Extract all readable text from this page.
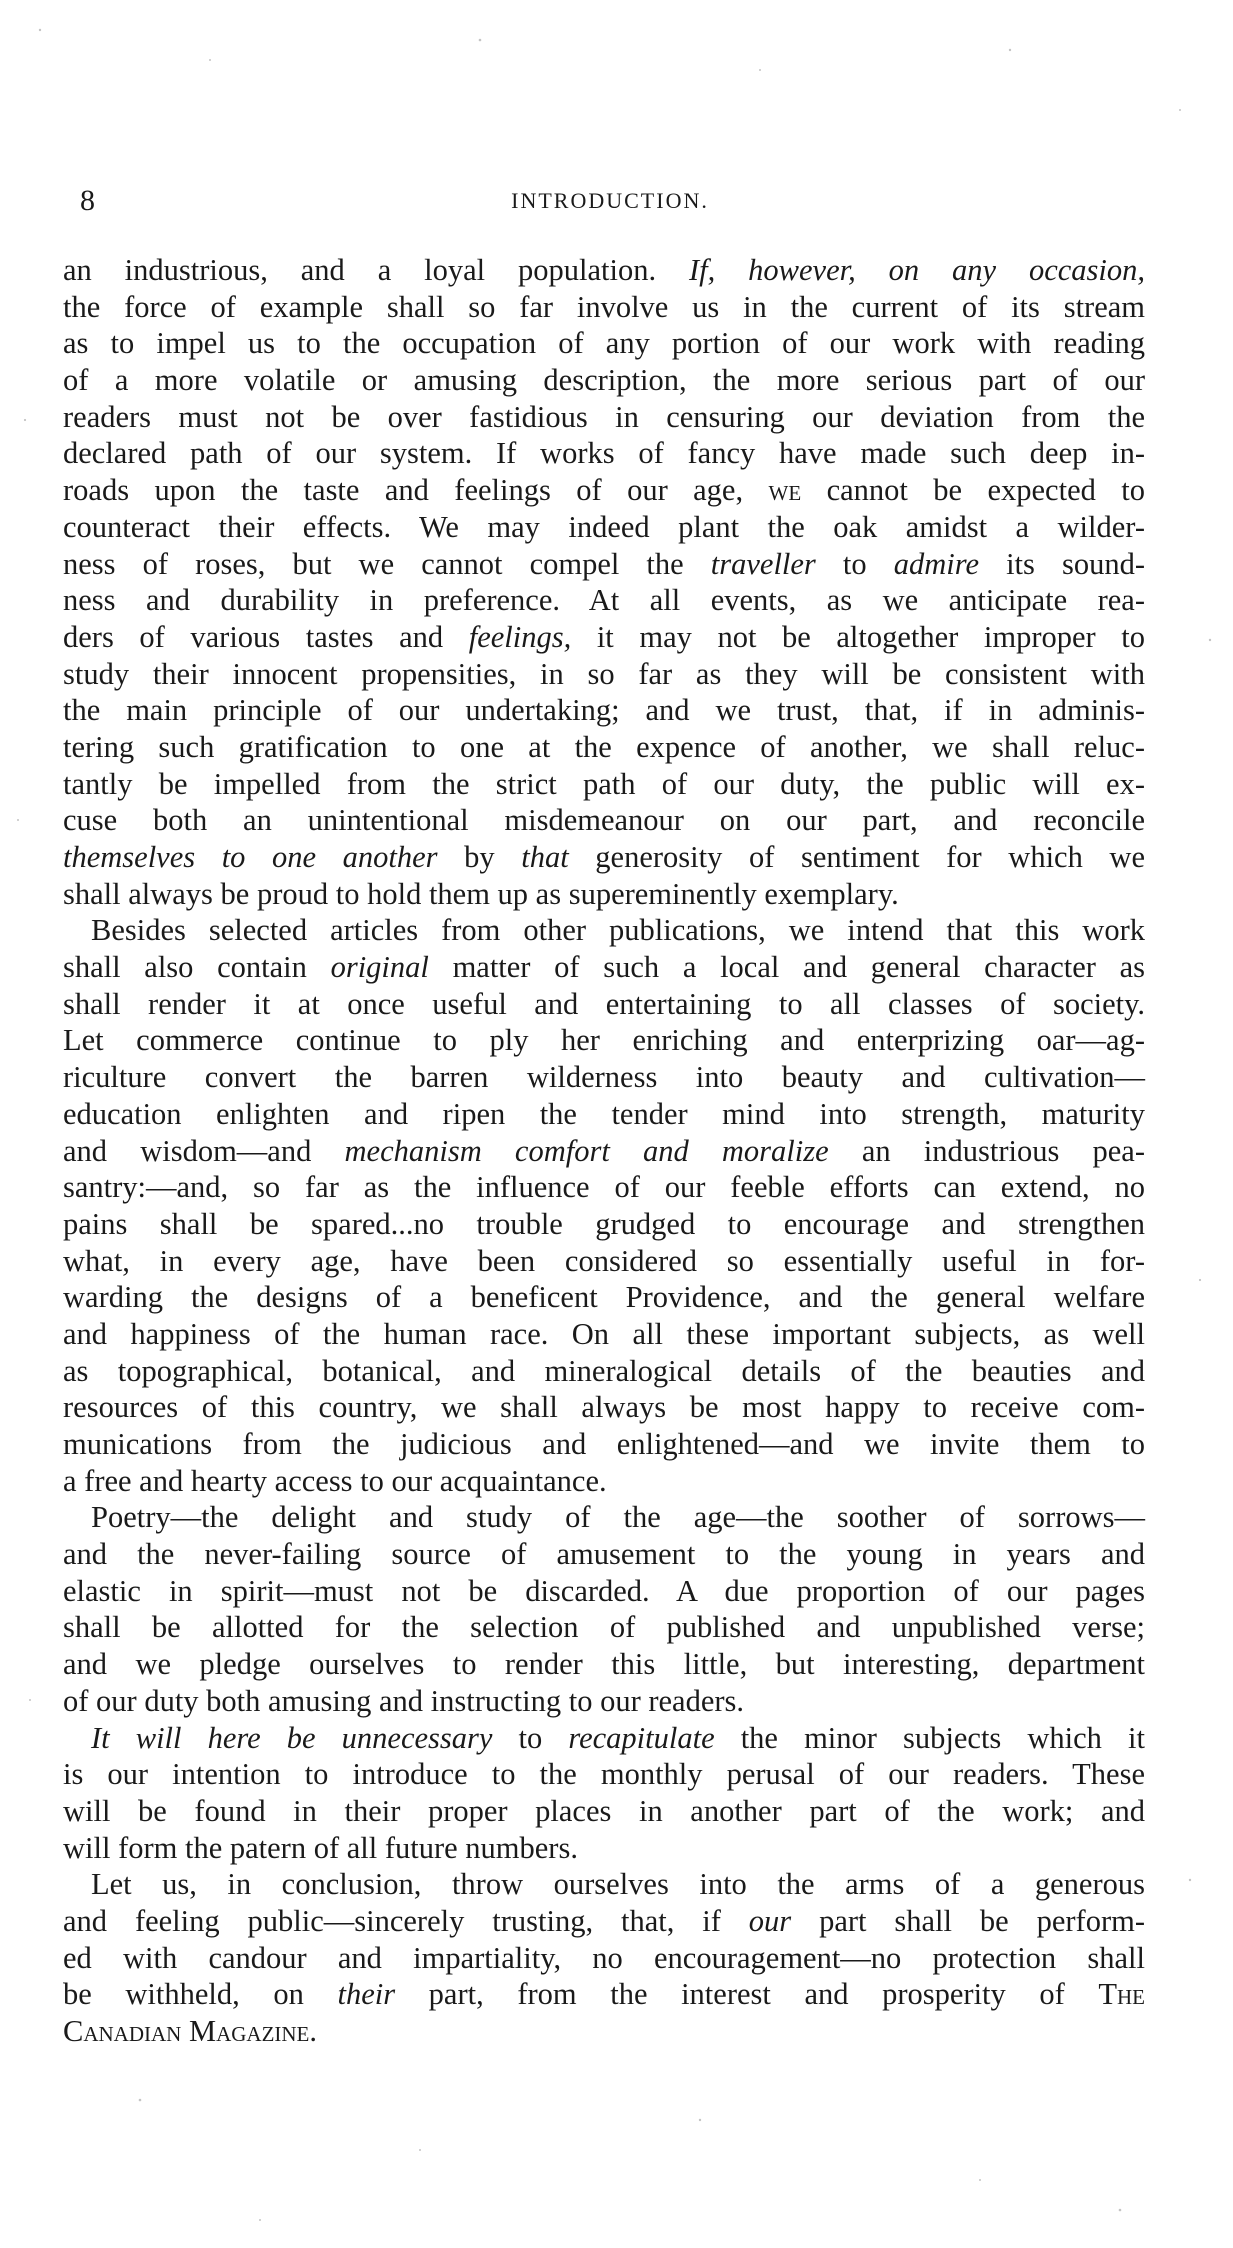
8	INTRODUCTION.
an industrious, and a loyal population. If, however, on any occasion,
the force of example shall so far involve us in the current of its stream
as to impel us to the occupation of any portion of our work with reading
of a more volatile or amusing description, the more serious part of our
readers must not be over fastidious in censuring our deviation from the
declared path of our system. If works of fancy have made such deep in-
roads upon the taste and feelings of our age, we cannot be expected to
counteract their effects. We may indeed plant the oak amidst a wilder-
ness of roses, but we cannot compel the traveller to admire its sound-
ness and durability in preference. At all events, as we anticipate rea-
ders of various tastes and feelings, it may not be altogether improper to
study their innocent propensities, in so far as they will be consistent with
the main principle of our undertaking; and we trust, that, if in adminis-
tering such gratification to one at the expence of another, we shall reluc-
tantly be impelled from the strict path of our duty, the public will ex-
cuse both an unintentional misdemeanour on our part, and reconcile
themselves to one another by that generosity of sentiment for which we
shall always be proud to hold them up as supereminently exemplary.
Besides selected articles from other publications, we intend that this work
shall also contain original matter of such a local and general character as
shall render it at once useful and entertaining to all classes of society.
Let commerce continue to ply her enriching and enterprizing oar—ag-
riculture convert the barren wilderness into beauty and cultivation—
education enlighten and ripen the tender mind into strength, maturity
and wisdom—and mechanism comfort and moralize an industrious pea-
santry:—and, so far as the influence of our feeble efforts can extend, no
pains shall be spared...no trouble grudged to encourage and strengthen
what, in every age, have been considered so essentially useful in for-
warding the designs of a beneficent Providence, and the general welfare
and happiness of the human race. On all these important subjects, as well
as topographical, botanical, and mineralogical details of the beauties and
resources of this country, we shall always be most happy to receive com-
munications from the judicious and enlightened—and we invite them to
a free and hearty access to our acquaintance.
Poetry—the delight and study of the age—the soother of sorrows—
and the never-failing source of amusement to the young in years and
elastic in spirit—must not be discarded. A due proportion of our pages
shall be allotted for the selection of published and unpublished verse;
and we pledge ourselves to render this little, but interesting, department
of our duty both amusing and instructing to our readers.
It will here be unnecessary to recapitulate the minor subjects which it
is our intention to introduce to the monthly perusal of our readers. These
will be found in their proper places in another part of the work; and
will form the patern of all future numbers.
Let us, in conclusion, throw ourselves into the arms of a generous
and feeling public—sincerely trusting, that, if our part shall be perform-
ed with candour and impartiality, no encouragement—no protection shall
be withheld, on their part, from the interest and prosperity of The
Canadian Magazine.
